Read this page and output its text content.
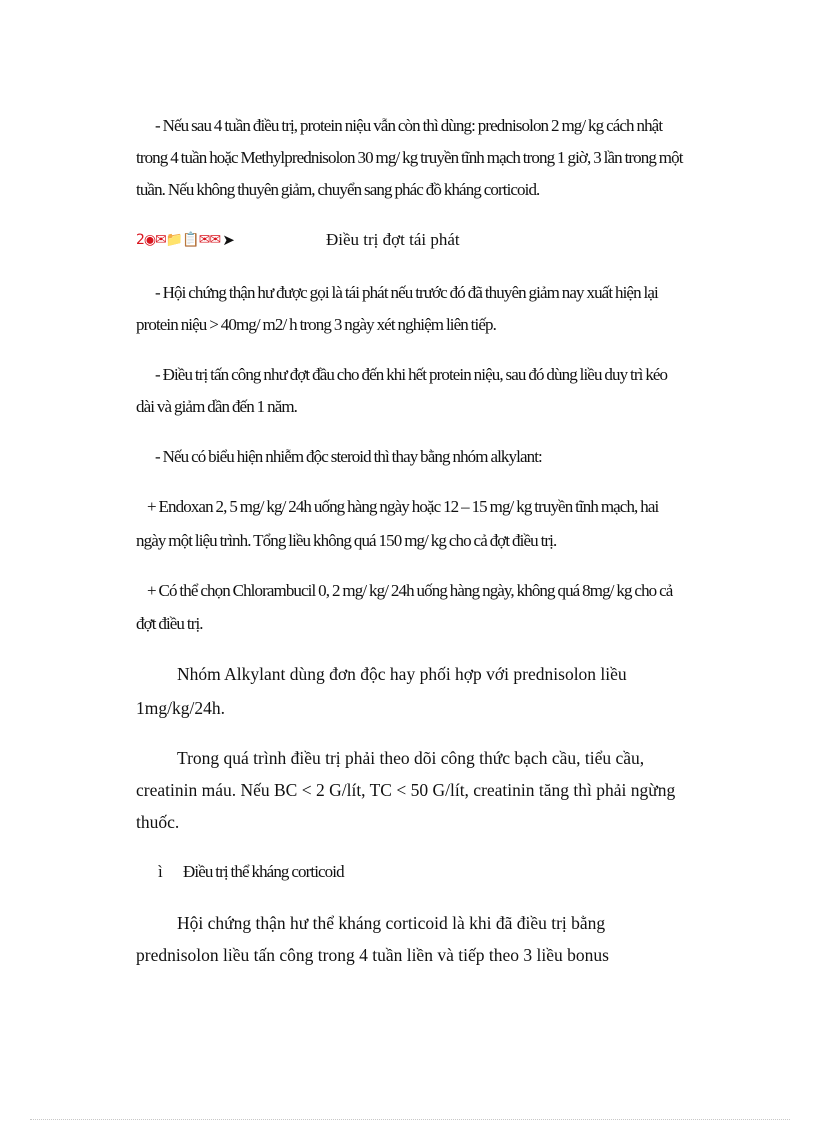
- Nếu sau 4 tuần điều trị, protein niệu vẫn còn thì dùng: prednisolon 2 mg/ kg cách nhật
trong 4 tuần hoặc Methylprednisolon 30 mg/ kg truyền tĩnh mạch trong 1 giờ, 3 lần trong một
tuần. Nếu không thuyên giảm, chuyển sang phác đồ kháng corticoid.
2◉✉📁📋✉✉ ➤	Điều trị đợt tái phát
- Hội chứng thận hư được gọi là tái phát nếu trước đó đã thuyên giảm nay xuất hiện lại
protein niệu > 40mg/ m2/ h trong 3 ngày xét nghiệm liên tiếp.
- Điều trị tấn công như đợt đầu cho đến khi hết protein niệu, sau đó dùng liều duy trì kéo
dài và giảm dần đến 1 năm.
- Nếu có biểu hiện nhiễm độc steroid thì thay bằng nhóm alkylant:
+ Endoxan 2, 5 mg/ kg/ 24h uống hàng ngày hoặc 12 – 15 mg/ kg truyền tĩnh mạch, hai
ngày một liệu trình. Tổng liều không quá 150 mg/ kg cho cả đợt điều trị.
+ Có thể chọn Chlorambucil 0, 2 mg/ kg/ 24h uống hàng ngày, không quá 8mg/ kg cho cả
đợt điều trị.
Nhóm Alkylant dùng đơn độc hay phối hợp với prednisolon liều
1mg/kg/24h.
Trong quá trình điều trị phải theo dõi công thức bạch cầu, tiểu cầu,
creatinin máu. Nếu BC < 2 G/lít, TC < 50 G/lít, creatinin tăng thì phải ngừng
thuốc.
ì Điều trị thể kháng corticoid
Hội chứng thận hư thể kháng corticoid là khi đã điều trị bằng
prednisolon liều tấn công trong 4 tuần liền và tiếp theo 3 liều bonus
